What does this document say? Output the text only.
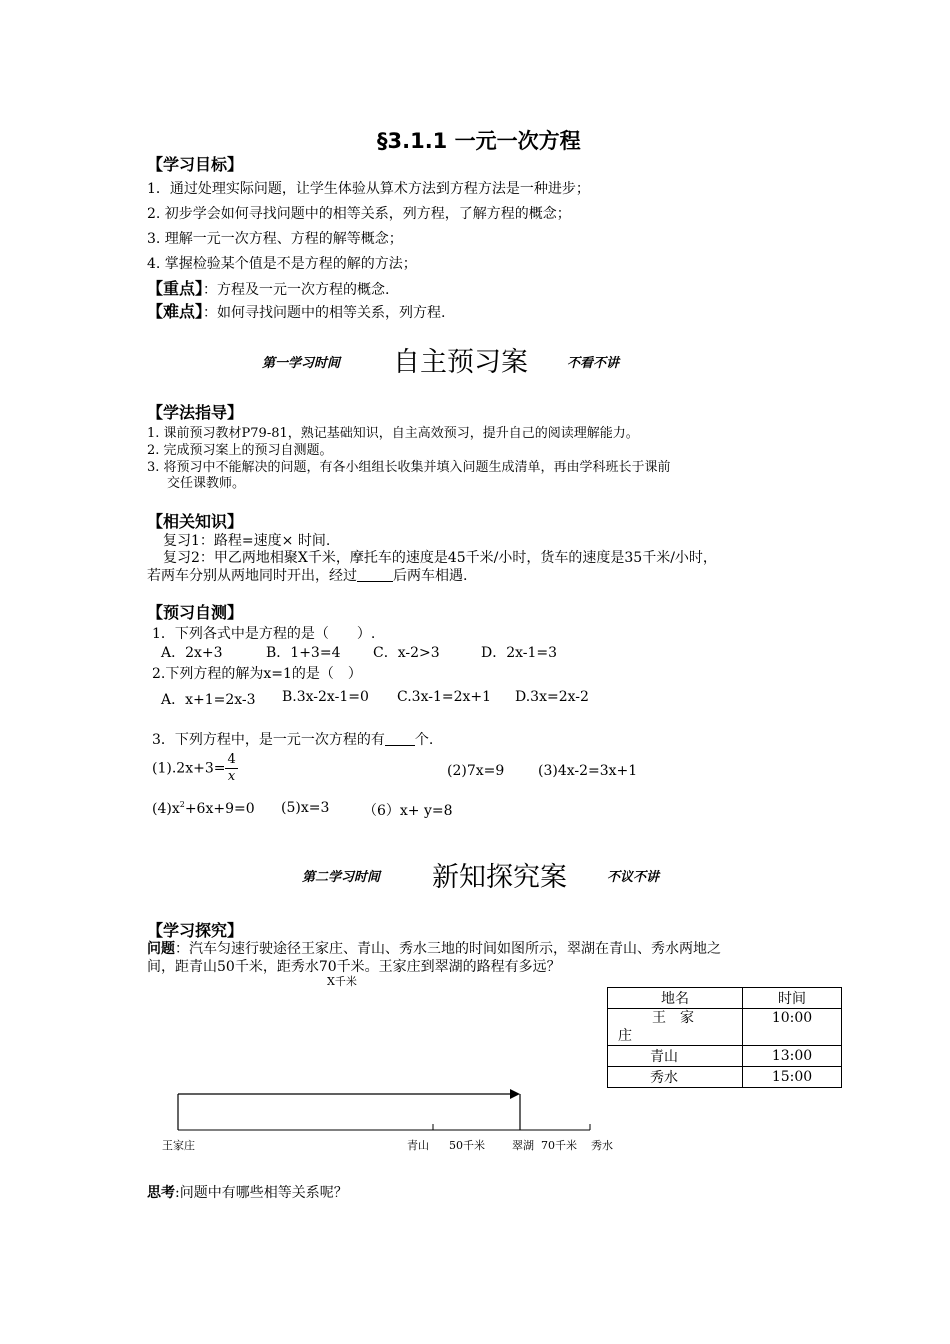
§3.1.1 一元一次方程
【学习目标】
1．通过处理实际问题，让学生体验从算术方法到方程方法是一种进步；
2. 初步学会如何寻找问题中的相等关系，列方程，了解方程的概念；
3. 理解一元一次方程、方程的解等概念；
4. 掌握检验某个值是不是方程的解的方法；
【重点】：方程及一元一次方程的概念.
【难点】：如何寻找问题中的相等关系，列方程.
第一学习时间 自主预习案	不看不讲
【学法指导】
1. 课前预习教材P79-81，熟记基础知识，自主高效预习，提升自己的阅读理解能力。
2. 完成预习案上的预习自测题。
3. 将预习中不能解决的问题，有各小组组长收集并填入问题生成清单，再由学科班长于课前
交任课教师。
【相关知识】
复习1：路程=速度× 时间.
复习2：甲乙两地相聚X千米，摩托车的速度是45千米/小时，货车的速度是35千米/小时，
若两车分别从两地同时开出，经过	后两车相遇.
【预习自测】
1．下列各式中是方程的是（　　）.
A．2x+3	B．1+3=4 C．x-2>3	D．2x-1=3
2.下列方程的解为x=1的是（　）
A．x+1=2x-3 B.3x-2x-1=0 C.3x-1=2x+1 D.3x=2x-2
3．下列方程中，是一元一次方程的有 个.
$(1).2x+3= \frac{4}{x}$	(2)7x=9 (3)4x-2=3x+1
$(4)x^2+6x+9=0$ (5)x=3 （6）x+ y=8
第二学习时间 新知探究案	不议不讲
【学习探究】
问题：汽车匀速行驶途径王家庄、青山、秀水三地的时间如图所示，翠湖在青山、秀水两地之
间，距青山50千米，距秀水70千米。王家庄到翠湖的路程有多远？
X千米
地名	时间

王　家
庄	10:00
青山	13:00
秀水	15:00
王家庄	青山 50千米 翠湖 70千米 秀水
思考:问题中有哪些相等关系呢？
